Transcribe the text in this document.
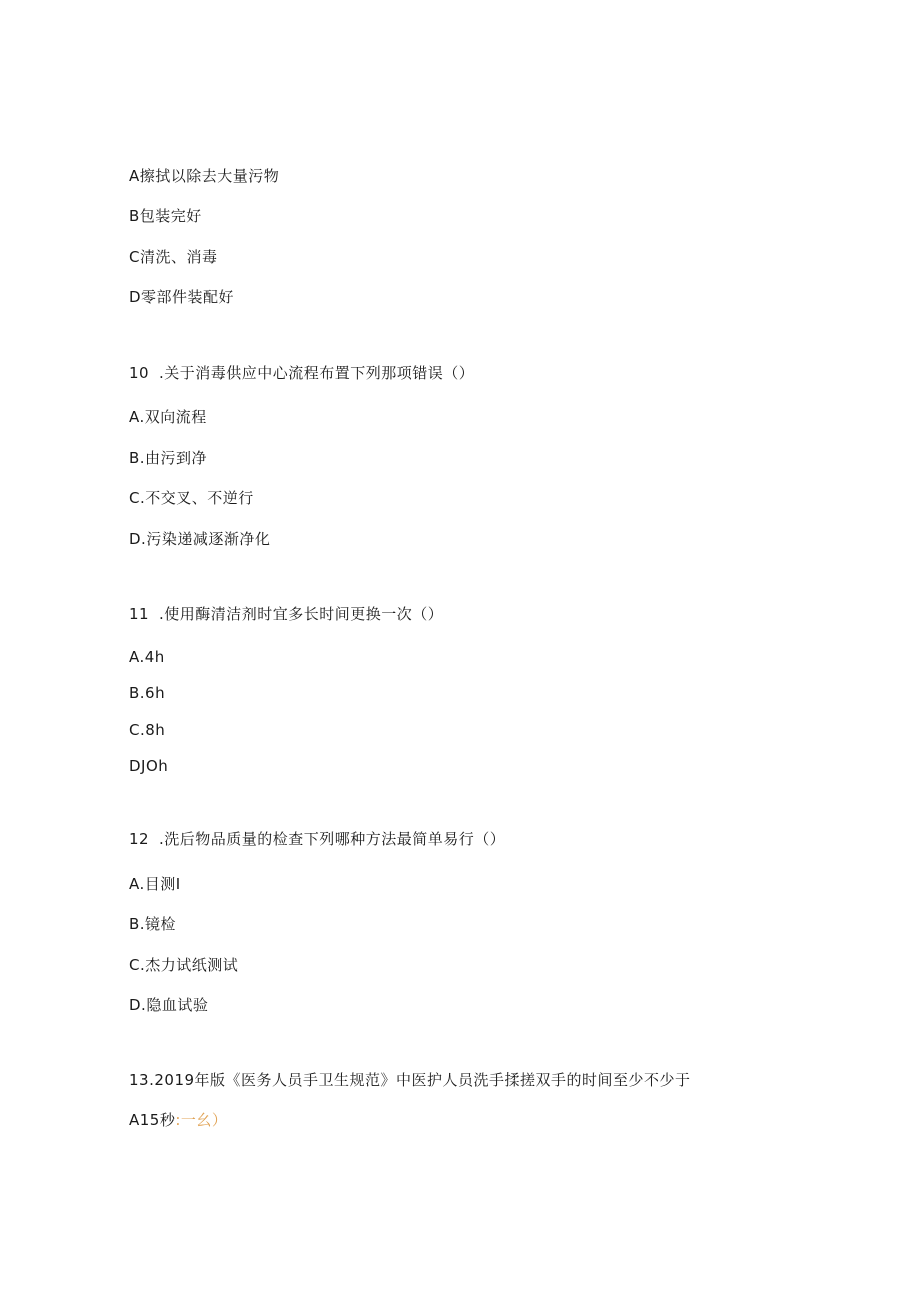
A擦拭以除去大量污物
B包装完好
C清洗、消毒
D零部件装配好
10 .关于消毒供应中心流程布置下列那项错误（）
A.双向流程
B.由污到净
C.不交叉、不逆行
D.污染递减逐渐净化
11 .使用酶清洁剂时宜多长时间更换一次（）
A.4h
B.6h
C.8h
DJOh
12 .洗后物品质量的检查下列哪种方法最简单易行（）
A.目测I
B.镜检
C.杰力试纸测试
D.隐血试验
13.2019年版《医务人员手卫生规范》中医护人员洗手揉搓双手的时间至少不少于
A15秒:一幺）
